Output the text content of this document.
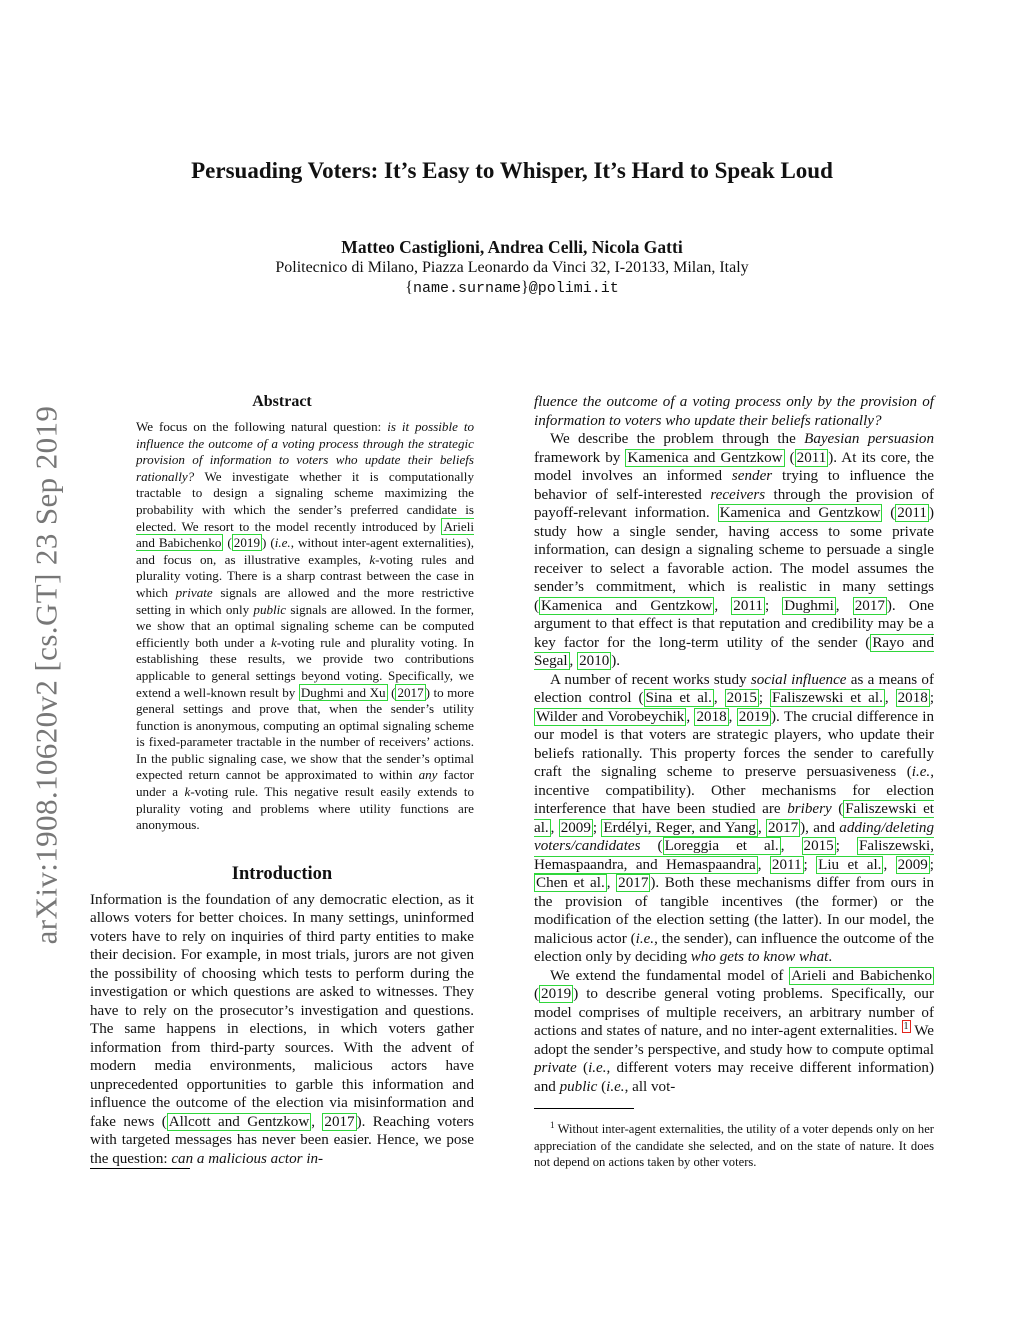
arXiv:1908.10620v2 [cs.GT] 23 Sep 2019
Persuading Voters: It’s Easy to Whisper, It’s Hard to Speak Loud

Matteo Castiglioni, Andrea Celli, Nicola Gatti

Politecnico di Milano, Piazza Leonardo da Vinci 32, I-20133, Milan, Italy

{name.surname}@polimi.it

Abstract

We focus on the following natural question: is it possible to influence the outcome of a voting process through the strategic provision of information to voters who update their beliefs rationally? We investigate whether it is computationally tractable to design a signaling scheme maximizing the probability with which the sender’s preferred candidate is elected. We resort to the model recently introduced by Arieli and Babichenko ( 2019 ) (i.e., without inter-agent externalities), and focus on, as illustrative examples, k-voting rules and plurality voting. There is a sharp contrast between the case in which private signals are allowed and the more restrictive setting in which only public signals are allowed. In the former, we show that an optimal signaling scheme can be computed efficiently both under a k-voting rule and plurality voting. In establishing these results, we provide two contributions applicable to general settings beyond voting. Specifically, we extend a well-known result by Dughmi and Xu ( 2017 ) to more general settings and prove that, when the sender’s utility function is anonymous, computing an optimal signaling scheme is fixed-parameter tractable in the number of receivers’ actions. In the public signaling case, we show that the sender’s optimal expected return cannot be approximated to within any factor under a k-voting rule. This negative result easily extends to plurality voting and problems where utility functions are anonymous.

Introduction

Information is the foundation of any democratic election, as it allows voters for better choices. In many settings, uninformed voters have to rely on inquiries of third party entities to make their decision. For example, in most trials, jurors are not given the possibility of choosing which tests to perform during the investigation or which questions are asked to witnesses. They have to rely on the prosecutor’s investigation and questions. The same happens in elections, in which voters gather information from third-party sources. With the advent of modern media environments, malicious actors have unprecedented opportunities to garble this information and influence the outcome of the election via misinformation and fake news ( Allcott and Gentzkow , 2017 ). Reaching voters with targeted messages has never been easier. Hence, we pose the question: can a malicious actor in-

fluence the outcome of a voting process only by the provision of information to voters who update their beliefs rationally?

We describe the problem through the Bayesian persuasion framework by Kamenica and Gentzkow ( 2011 ). At its core, the model involves an informed sender trying to influence the behavior of self-interested receivers through the provision of payoff-relevant information. Kamenica and Gentzkow ( 2011 ) study how a single sender, having access to some private information, can design a signaling scheme to persuade a single receiver to select a favorable action. The model assumes the sender’s commitment, which is realistic in many settings ( Kamenica and Gentzkow , 2011 ; Dughmi , 2017 ). One argument to that effect is that reputation and credibility may be a key factor for the long-term utility of the sender ( Rayo and Segal , 2010 ).

A number of recent works study social influence as a means of election control ( Sina et al. , 2015 ; Faliszewski et al. , 2018 ; Wilder and Vorobeychik , 2018 , 2019 ). The crucial difference in our model is that voters are strategic players, who update their beliefs rationally. This property forces the sender to carefully craft the signaling scheme to preserve persuasiveness (i.e., incentive compatibility). Other mechanisms for election interference that have been studied are bribery ( Faliszewski et al. , 2009 ; Erdélyi, Reger, and Yang , 2017 ), and adding/deleting voters/candidates ( Loreggia et al. , 2015 ; Faliszewski, Hemaspaandra, and Hemaspaandra , 2011 ; Liu et al. , 2009 ; Chen et al. , 2017 ). Both these mechanisms differ from ours in the provision of tangible incentives (the former) or the modification of the election setting (the latter). In our model, the malicious actor (i.e., the sender), can influence the outcome of the election only by deciding who gets to know what.

We extend the fundamental model of Arieli and Babichenko ( 2019 ) to describe general voting problems. Specifically, our model comprises of multiple receivers, an arbitrary number of actions and states of nature, and no inter-agent externalities. $^1$ We adopt the sender’s perspective, and study how to compute optimal private (i.e., different voters may receive different information) and public (i.e., all vot-

$^1$ Without inter-agent externalities, the utility of a voter depends only on her appreciation of the candidate she selected, and on the state of nature. It does not depend on actions taken by other voters.
